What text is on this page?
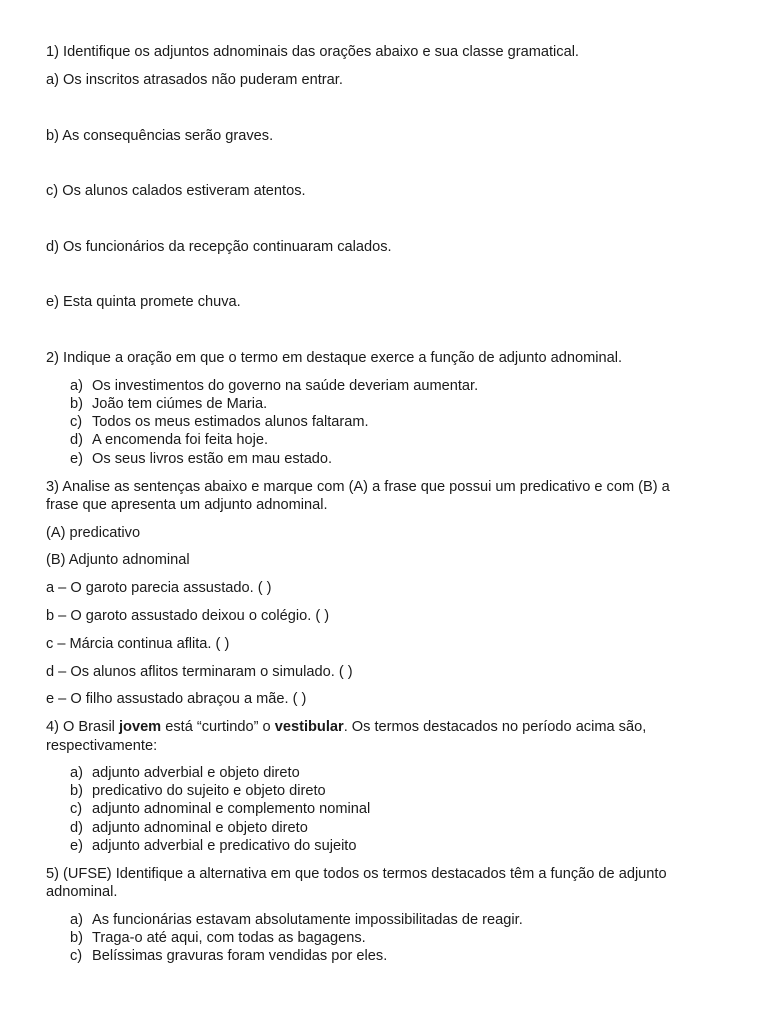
1) Identifique os adjuntos adnominais das orações abaixo e sua classe gramatical.
a) Os inscritos atrasados não puderam entrar.
b) As consequências serão graves.
c) Os alunos calados estiveram atentos.
d) Os funcionários da recepção continuaram calados.
e) Esta quinta promete chuva.
2) Indique a oração em que o termo em destaque exerce a função de adjunto adnominal.
a) Os investimentos do governo na saúde deveriam aumentar.
b) João tem ciúmes de Maria.
c) Todos os meus estimados alunos faltaram.
d) A encomenda foi feita hoje.
e) Os seus livros estão em mau estado.
3) Analise as sentenças abaixo e marque com (A) a frase que possui um predicativo e com (B) a
frase que apresenta um adjunto adnominal.
(A) predicativo
(B) Adjunto adnominal
a – O garoto parecia assustado. ( )
b – O garoto assustado deixou o colégio. ( )
c – Márcia continua aflita. ( )
d – Os alunos aflitos terminaram o simulado. ( )
e – O filho assustado abraçou a mãe. ( )
4) O Brasil jovem está “curtindo” o vestibular. Os termos destacados no período acima são,
respectivamente:
a) adjunto adverbial e objeto direto
b) predicativo do sujeito e objeto direto
c) adjunto adnominal e complemento nominal
d) adjunto adnominal e objeto direto
e) adjunto adverbial e predicativo do sujeito
5) (UFSE) Identifique a alternativa em que todos os termos destacados têm a função de adjunto
adnominal.
a) As funcionárias estavam absolutamente impossibilitadas de reagir.
b) Traga-o até aqui, com todas as bagagens.
c) Belíssimas gravuras foram vendidas por eles.
